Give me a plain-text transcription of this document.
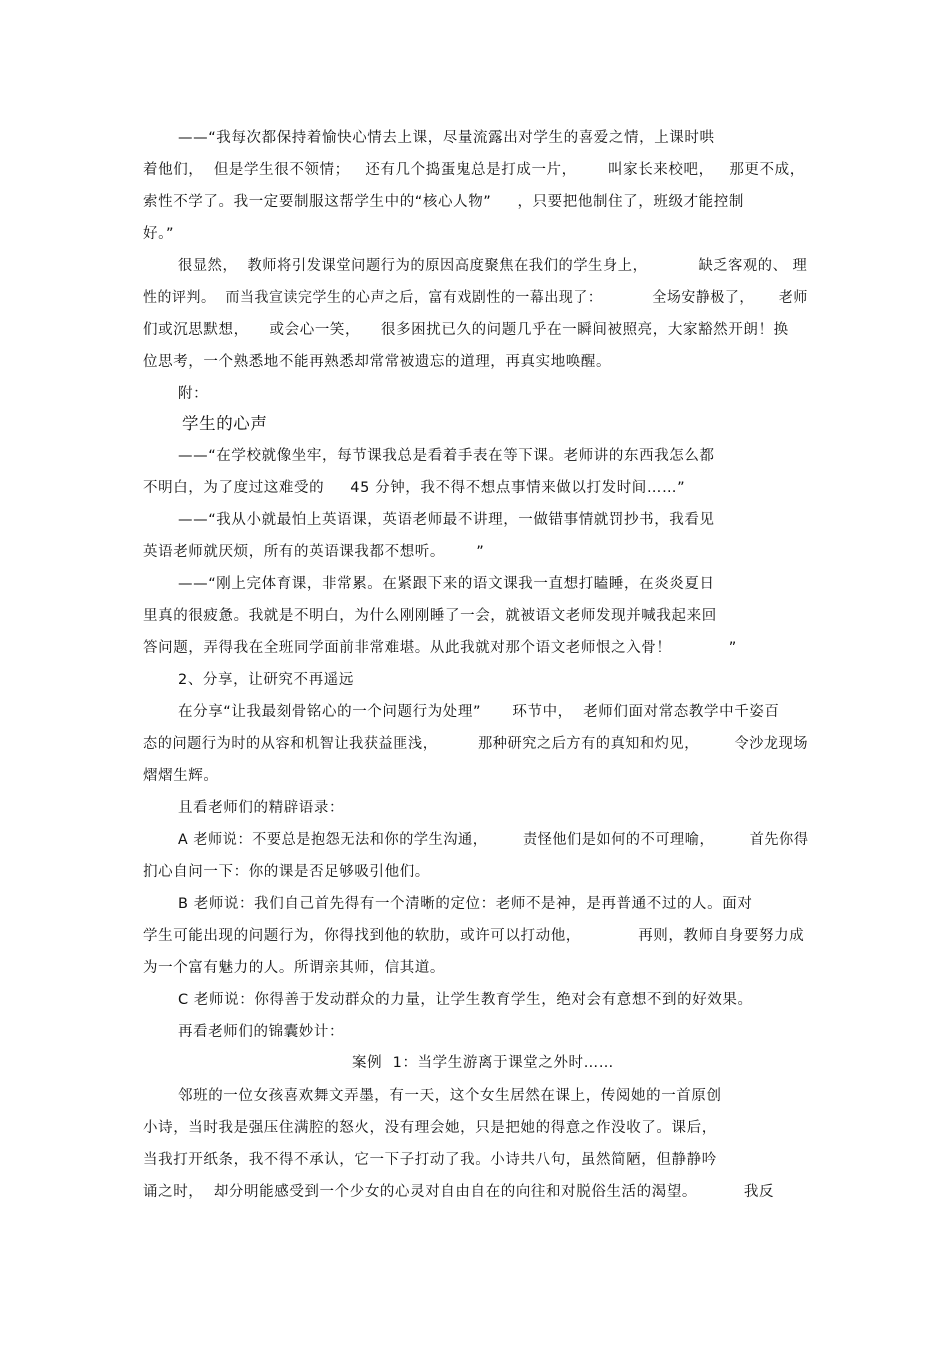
——“我每次都保持着愉快心情去上课，尽量流露出对学生的喜爱之情，上课时哄

着他们，  但是学生很不领情；   还有几个捣蛋鬼总是打成一片，      叫家长来校吧，   那更不成，

索性不学了。我一定要制服这帮学生中的“核心人物”     ，只要把他制住了，班级才能控制

好。”

很显然，  教师将引发课堂问题行为的原因高度聚焦在我们的学生身上，          缺乏客观的、 理

性的评判。  而当我宣读完学生的心声之后，富有戏剧性的一幕出现了：          全场安静极了，     老师

们或沉思默想，    或会心一笑，    很多困扰已久的问题几乎在一瞬间被照亮，大家豁然开朗！换

位思考，一个熟悉地不能再熟悉却常常被遗忘的道理，再真实地唤醒。

附：

学生的心声

——“在学校就像坐牢，每节课我总是看着手表在等下课。老师讲的东西我怎么都

不明白，为了度过这难受的     45 分钟，我不得不想点事情来做以打发时间……”

——“我从小就最怕上英语课，英语老师最不讲理，一做错事情就罚抄书，我看见

英语老师就厌烦，所有的英语课我都不想听。      ”

——“刚上完体育课，非常累。在紧跟下来的语文课我一直想打瞌睡，在炎炎夏日

里真的很疲惫。我就是不明白，为什么刚刚睡了一会，就被语文老师发现并喊我起来回

答问题，弄得我在全班同学面前非常难堪。从此我就对那个语文老师恨之入骨！           ”

2、分享，让研究不再遥远

在分享“让我最刻骨铭心的一个问题行为处理”      环节中，  老师们面对常态教学中千姿百

态的问题行为时的从容和机智让我获益匪浅，        那种研究之后方有的真知和灼见，       令沙龙现场

熠熠生辉。

且看老师们的精辟语录：

A 老师说：不要总是抱怨无法和你的学生沟通，       责怪他们是如何的不可理喻，       首先你得

扪心自问一下：你的课是否足够吸引他们。

B 老师说：我们自己首先得有一个清晰的定位：老师不是神，是再普通不过的人。面对

学生可能出现的问题行为，你得找到他的软肋，或许可以打动他，           再则，教师自身要努力成

为一个富有魅力的人。所谓亲其师，信其道。

C 老师说：你得善于发动群众的力量，让学生教育学生，绝对会有意想不到的好效果。

再看老师们的锦囊妙计：

案例  1：当学生游离于课堂之外时……

邻班的一位女孩喜欢舞文弄墨，有一天，这个女生居然在课上，传阅她的一首原创

小诗，当时我是强压住满腔的怒火，没有理会她，只是把她的得意之作没收了。课后，

当我打开纸条，我不得不承认，它一下子打动了我。小诗共八句，虽然简陋，但静静吟

诵之时，  却分明能感受到一个少女的心灵对自由自在的向往和对脱俗生活的渴望。         我反
